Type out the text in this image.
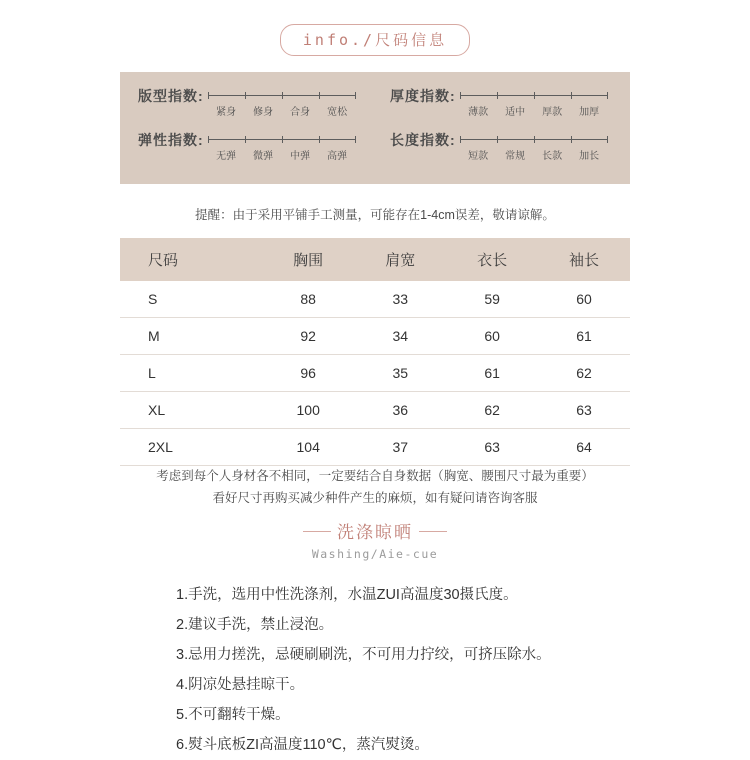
info./尺码信息
版型指数:
紧身	修身	合身	宽松
弹性指数:
无弹	微弹	中弹	高弹
厚度指数:
薄款	适中	厚款	加厚
长度指数:
短款	常规	长款	加长
提醒：由于采用平铺手工测量，可能存在1-4cm误差，敬请谅解。
尺码	胸围	肩宽	衣长	袖长
S	88	33	59	60
M	92	34	60	61
L	96	35	61	62
XL	100	36	62	63
2XL	104	37	63	64
考虑到每个人身材各不相同，一定要结合自身数据（胸宽、腰围尺寸最为重要）
看好尺寸再购买减少种件产生的麻烦，如有疑问请咨询客服
洗涤晾晒
Washing/Aie-cue
1.手洗，选用中性洗涤剂，水温ZUI高温度30摄氏度。
2.建议手洗，禁止浸泡。
3.忌用力搓洗，忌硬刷刷洗，不可用力拧绞，可挤压除水。
4.阴凉处悬挂晾干。
5.不可翻转干燥。
6.熨斗底板ZI高温度110℃，蒸汽熨烫。
